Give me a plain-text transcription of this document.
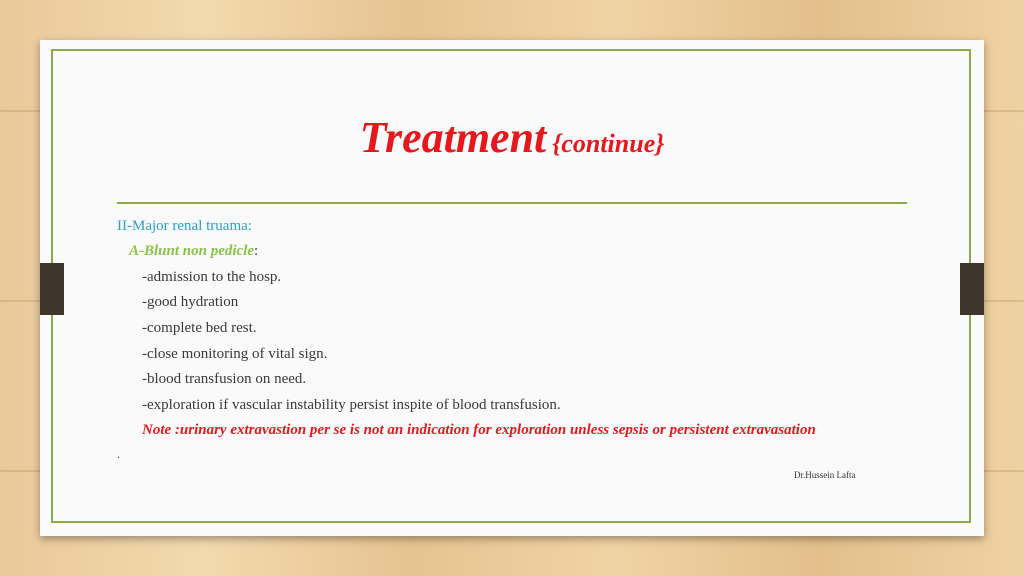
Treatment {continue}
II-Major renal truama:
A-Blunt non pedicle:
-admission to the hosp.
-good hydration
-complete bed rest.
-close monitoring of vital sign.
-blood transfusion on need.
-exploration if vascular instability persist inspite of blood transfusion.
Note :urinary extravastion per se is not an indication for exploration unless sepsis or persistent extravasation
.
Dr.Hussein Lafta
